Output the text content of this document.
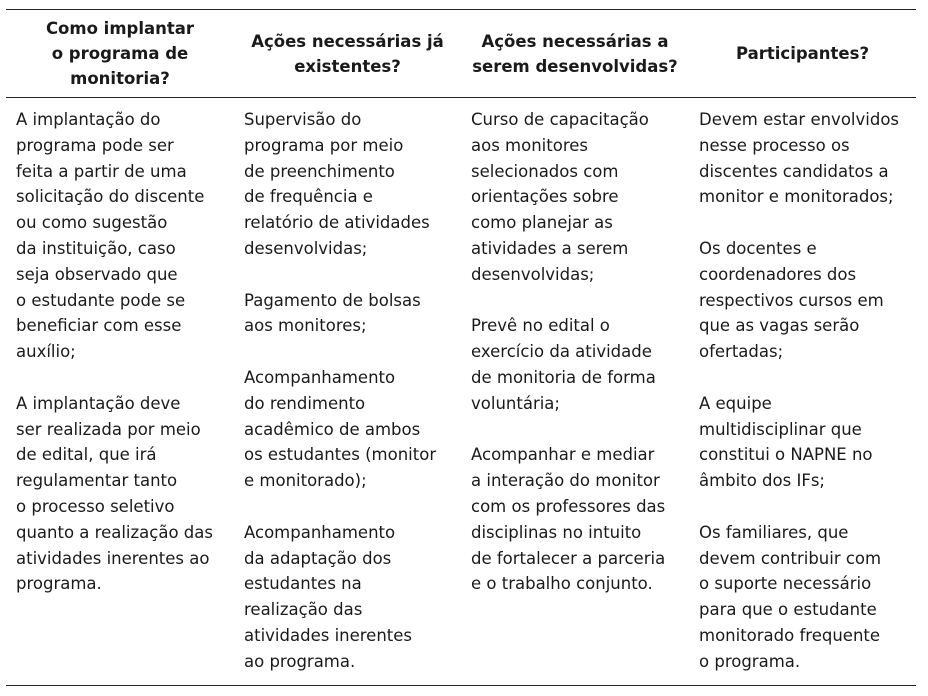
Como implantar
o programa de
monitoria?
Ações necessárias já
existentes?
Ações necessárias a
serem desenvolvidas?
Participantes?

A implantação do
programa pode ser
feita a partir de uma
solicitação do discente
ou como sugestão
da instituição, caso
seja observado que
o estudante pode se
beneficiar com esse
auxílio;

A implantação deve
ser realizada por meio
de edital, que irá
regulamentar tanto
o processo seletivo
quanto a realização das
atividades inerentes ao
programa.

Supervisão do
programa por meio
de preenchimento
de frequência e
relatório de atividades
desenvolvidas;

Pagamento de bolsas
aos monitores;

Acompanhamento
do rendimento
acadêmico de ambos
os estudantes (monitor
e monitorado);

Acompanhamento
da adaptação dos
estudantes na
realização das
atividades inerentes
ao programa.

Curso de capacitação
aos monitores
selecionados com
orientações sobre
como planejar as
atividades a serem
desenvolvidas;

Prevê no edital o
exercício da atividade
de monitoria de forma
voluntária;

Acompanhar e mediar
a interação do monitor
com os professores das
disciplinas no intuito
de fortalecer a parceria
e o trabalho conjunto.

Devem estar envolvidos
nesse processo os
discentes candidatos a
monitor e monitorados;

Os docentes e
coordenadores dos
respectivos cursos em
que as vagas serão
ofertadas;

A equipe
multidisciplinar que
constitui o NAPNE no
âmbito dos IFs;

Os familiares, que
devem contribuir com
o suporte necessário
para que o estudante
monitorado frequente
o programa.
